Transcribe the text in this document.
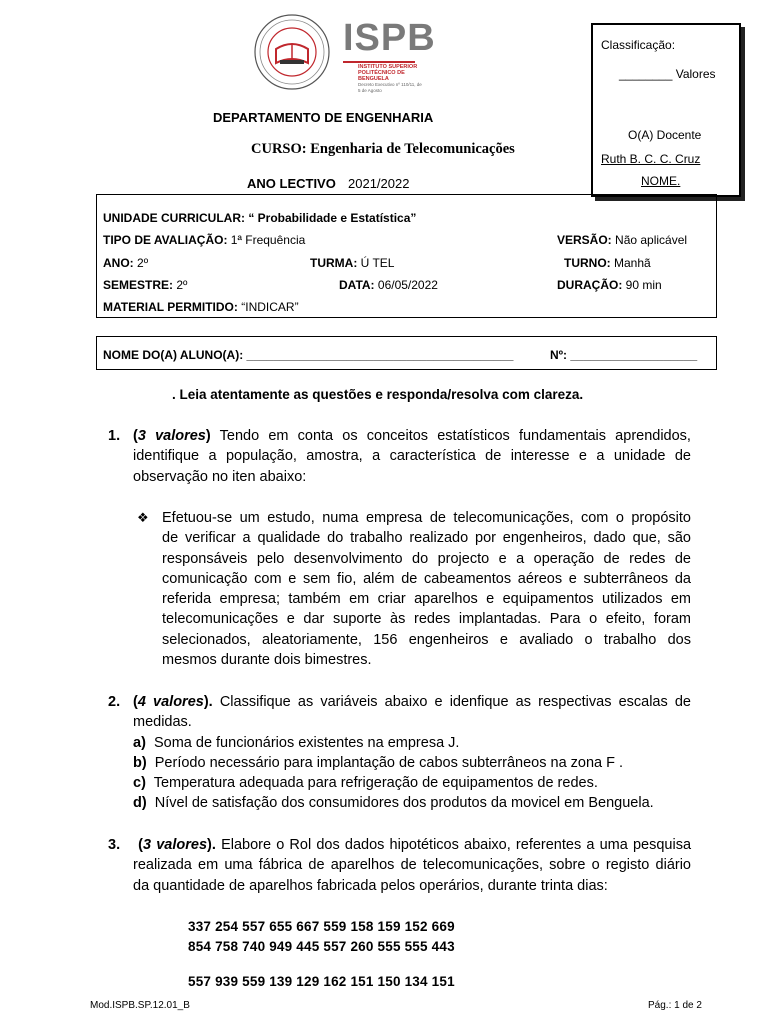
ISPB
INSTITUTO SUPERIOR
POLITÉCNICO DE BENGUELA
Decreto Executivo nº 110/11, de 5 de Agosto
Classificação:
________ Valores
O(A) Docente
Ruth B. C. C. Cruz
NOME.
DEPARTAMENTO DE ENGENHARIA
CURSO: Engenharia de Telecomunicações
ANO LECTIVO 2021/2022
UNIDADE CURRICULAR: “ Probabilidade e Estatística”
TIPO DE AVALIAÇÃO: 1ª Frequência	VERSÃO: Não aplicável
ANO: 2º	TURMA: Ú TEL	TURNO: Manhã
SEMESTRE: 2º	DATA: 06/05/2022	DURAÇÃO: 90 min
MATERIAL PERMITIDO: “INDICAR”
NOME DO(A) ALUNO(A): ________________________________________	Nº: ___________________
. Leia atentamente as questões e responda/resolva com clareza.
1. (3 valores) Tendo em conta os conceitos estatísticos fundamentais aprendidos,
identifique a população, amostra, a característica de interesse e a unidade de
observação no iten abaixo:
❖ Efetuou-se um estudo, numa empresa de telecomunicações, com o propósito
de verificar a qualidade do trabalho realizado por engenheiros, dado que, são
responsáveis pelo desenvolvimento do projecto e a operação de redes de
comunicação com e sem fio, além de cabeamentos aéreos e subterrâneos da
referida empresa; também em criar aparelhos e equipamentos utilizados em
telecomunicações e dar suporte às redes implantadas. Para o efeito, foram
selecionados, aleatoriamente, 156 engenheiros e avaliado o trabalho dos
mesmos durante dois bimestres.
2. (4 valores). Classifique as variáveis abaixo e idenfique as respectivas escalas de
medidas.
a) Soma de funcionários existentes na empresa J.
b) Período necessário para implantação de cabos subterrâneos na zona F .
c) Temperatura adequada para refrigeração de equipamentos de redes.
d) Nível de satisfação dos consumidores dos produtos da movicel em Benguela.
3.	(3 valores). Elabore o Rol dos dados hipotéticos abaixo, referentes a uma pesquisa
realizada em uma fábrica de aparelhos de telecomunicações, sobre o registo diário
da quantidade de aparelhos fabricada pelos operários, durante trinta dias:
337 254 557 655 667 559 158 159 152 669
854 758 740 949 445 557 260 555 555 443
557 939 559 139 129 162 151 150 134 151
Mod.ISPB.SP.12.01_B	Pág.: 1 de 2
